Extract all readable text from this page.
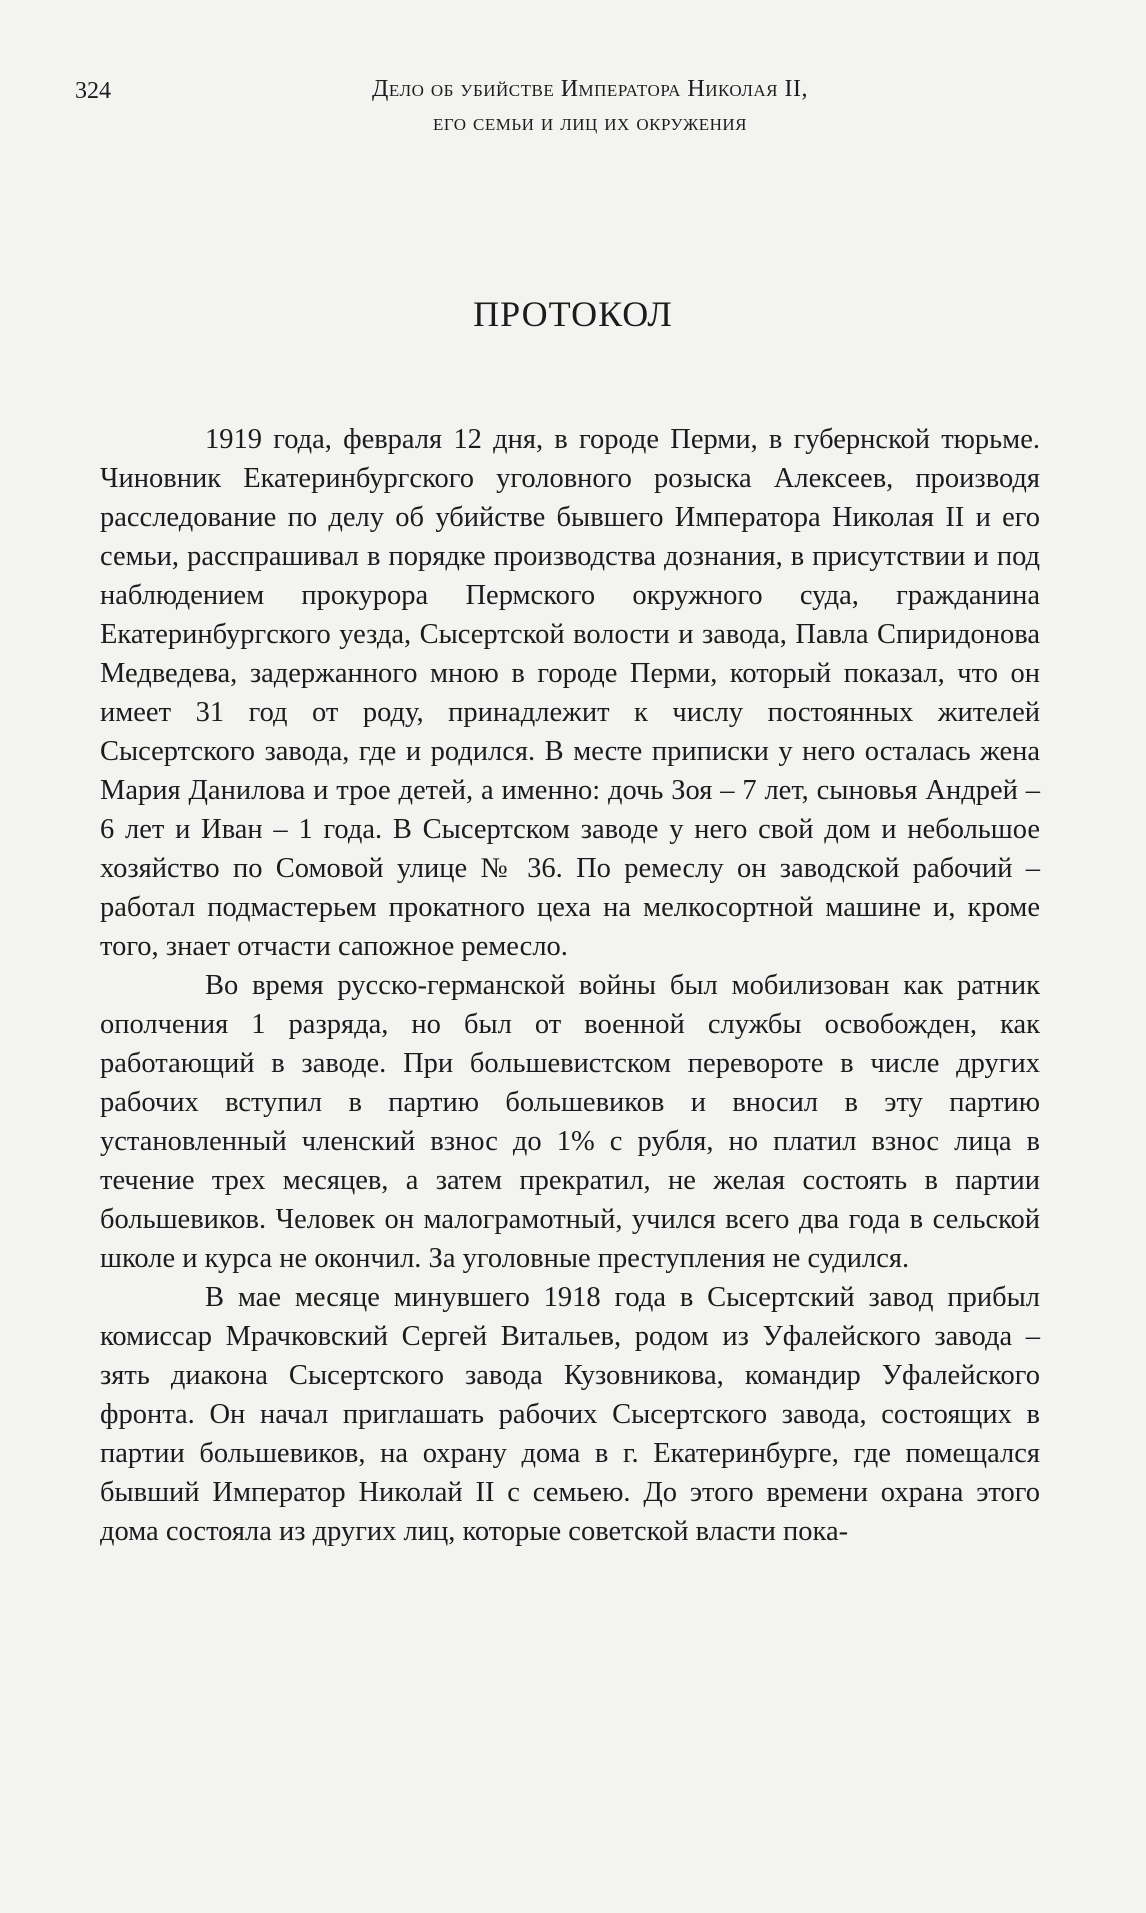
324	Дело об убийстве Императора Николая II,
его семьи и лиц их окружения
ПРОТОКОЛ

1919 года, февраля 12 дня, в городе Перми, в губернской тюрьме. Чиновник Екатеринбургского уголовного розыска Алексеев, производя расследование по делу об убийстве бывшего Императора Николая II и его семьи, расспрашивал в порядке производства дознания, в присутствии и под наблюдением прокурора Пермского окружного суда, гражданина Екатеринбургского уезда, Сысертской волости и завода, Павла Спиридонова Медведева, задержанного мною в городе Перми, который показал, что он имеет 31 год от роду, принадлежит к числу постоянных жителей Сысертского завода, где и родился. В месте приписки у него осталась жена Мария Данилова и трое детей, а именно: дочь Зоя – 7 лет, сыновья Андрей – 6 лет и Иван – 1 года. В Сысертском заводе у него свой дом и небольшое хозяйство по Сомовой улице № 36. По ремеслу он заводской рабочий – работал подмастерьем прокатного цеха на мелкосортной машине и, кроме того, знает отчасти сапожное ремесло.

Во время русско-германской войны был мобилизован как ратник ополчения 1 разряда, но был от военной службы освобожден, как работающий в заводе. При большевистском перевороте в числе других рабочих вступил в партию большевиков и вносил в эту партию установленный членский взнос до 1% с рубля, но платил взнос лица в течение трех месяцев, а затем прекратил, не желая состоять в партии большевиков. Человек он малограмотный, учился всего два года в сельской школе и курса не окончил. За уголовные преступления не судился.

В мае месяце минувшего 1918 года в Сысертский завод прибыл комиссар Мрачковский Сергей Витальев, родом из Уфалейского завода – зять диакона Сысертского завода Кузовникова, командир Уфалейского фронта. Он начал приглашать рабочих Сысертского завода, состоящих в партии большевиков, на охрану дома в г. Екатеринбурге, где помещался бывший Император Николай II с семьею. До этого времени охрана этого дома состояла из других лиц, которые советской власти пока-
